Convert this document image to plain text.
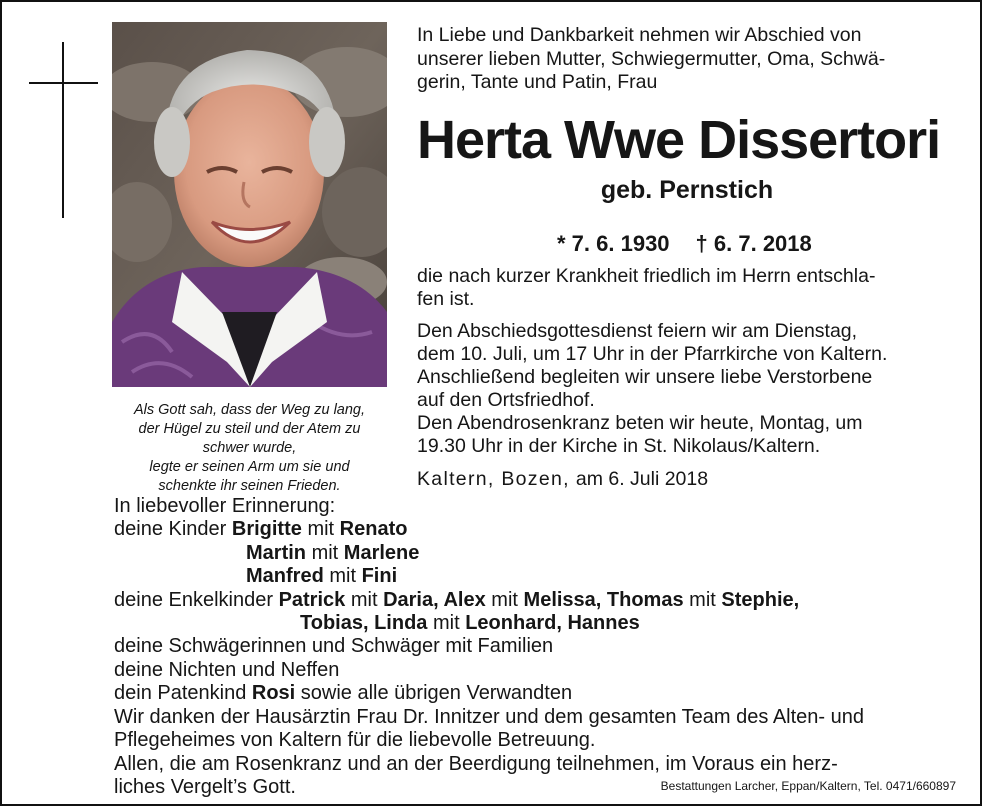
Als Gott sah, dass der Weg zu lang,
der Hügel zu steil und der Atem zu
schwer wurde,
legte er seinen Arm um sie und
schenkte ihr seinen Frieden.
In Liebe und Dankbarkeit nehmen wir Abschied von
unserer lieben Mutter, Schwiegermutter, Oma, Schwä-
gerin, Tante und Patin, Frau
Herta Wwe Dissertori
geb. Pernstich
* 7. 6. 1930 † 6. 7. 2018
die nach kurzer Krankheit friedlich im Herrn entschla-
fen ist.
Den Abschiedsgottesdienst feiern wir am Dienstag,
dem 10. Juli, um 17 Uhr in der Pfarrkirche von Kaltern.
Anschließend begleiten wir unsere liebe Verstorbene
auf den Ortsfriedhof.
Den Abendrosenkranz beten wir heute, Montag, um
19.30 Uhr in der Kirche in St. Nikolaus/Kaltern.
Kaltern, Bozen, am 6. Juli 2018
In liebevoller Erinnerung:
deine Kinder Brigitte mit Renato
Martin mit Marlene
Manfred mit Fini
deine Enkelkinder Patrick mit Daria, Alex mit Melissa, Thomas mit Stephie,
Tobias, Linda mit Leonhard, Hannes
deine Schwägerinnen und Schwäger mit Familien
deine Nichten und Neffen
dein Patenkind Rosi sowie alle übrigen Verwandten
Wir danken der Hausärztin Frau Dr. Innitzer und dem gesamten Team des Alten- und
Pflegeheimes von Kaltern für die liebevolle Betreuung.
Allen, die am Rosenkranz und an der Beerdigung teilnehmen, im Voraus ein herz-
liches Vergelt’s Gott.	Bestattungen Larcher, Eppan/Kaltern, Tel. 0471/660897
